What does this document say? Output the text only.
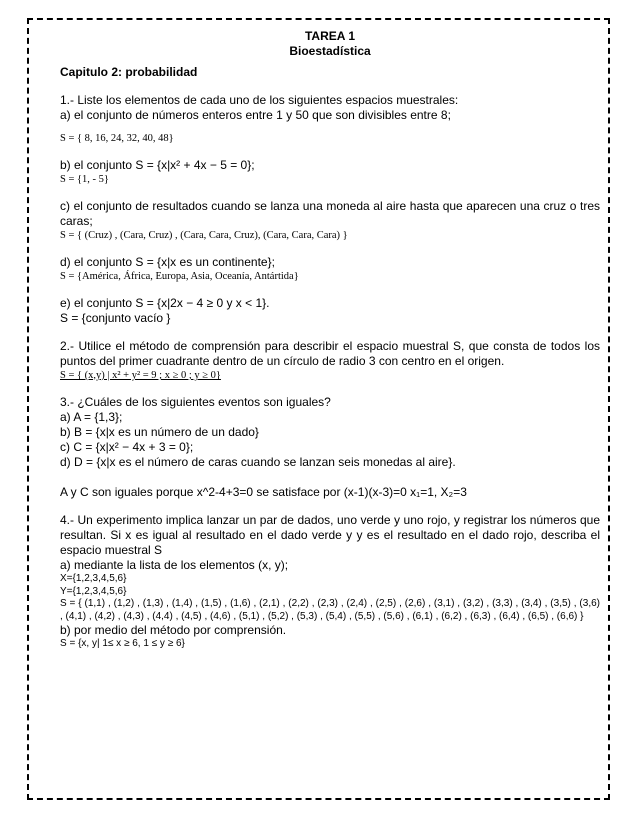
TAREA 1
Bioestadística

Capitulo 2: probabilidad

1.- Liste los elementos de cada uno de los siguientes espacios muestrales:

a) el conjunto de números enteros entre 1 y 50 que son divisibles entre 8;

S = { 8, 16, 24, 32, 40, 48}

b) el conjunto S = {x|x² + 4x − 5 = 0};

S = {1, - 5}

c) el conjunto de resultados cuando se lanza una moneda al aire hasta que aparecen una cruz o tres caras;

S = { (Cruz) , (Cara, Cruz) , (Cara, Cara, Cruz), (Cara, Cara, Cara) }

d) el conjunto S = {x|x es un continente};

S = {América, África, Europa, Asia, Oceanía, Antártida}

e) el conjunto S = {x|2x − 4 ≥ 0 y x < 1}.

S = {conjunto vacío }

2.- Utilice el método de comprensión para describir el espacio muestral S, que consta de todos los puntos del primer cuadrante dentro de un círculo de radio 3 con centro en el origen.

S = { (x,y) | x² + y² = 9 ; x ≥ 0 ; y ≥ 0}

3.- ¿Cuáles de los siguientes eventos son iguales?

a) A = {1,3};

b) B = {x|x es un número de un dado}

c) C = {x|x² − 4x + 3 = 0};

d) D = {x|x es el número de caras cuando se lanzan seis monedas al aire}.

A y C son iguales porque x^2-4+3=0 se satisface por (x-1)(x-3)=0 x₁=1, X₂=3

4.- Un experimento implica lanzar un par de dados, uno verde y uno rojo, y registrar los números que resultan. Si x es igual al resultado en el dado verde y y es el resultado en el dado rojo, describa el espacio muestral S

a) mediante la lista de los elementos (x, y);

X={1,2,3,4,5,6}

Y={1,2,3,4,5,6}

S = { (1,1) , (1,2) , (1,3) , (1,4) , (1,5) , (1,6) , (2,1) , (2,2) , (2,3) , (2,4) , (2,5) , (2,6) , (3,1) , (3,2) , (3,3) , (3,4) , (3,5) , (3,6) , (4,1) , (4,2) , (4,3) , (4,4) , (4,5) , (4,6) , (5,1) , (5,2) , (5,3) , (5,4) , (5,5) , (5,6) , (6,1) , (6,2) , (6,3) , (6,4) , (6,5) , (6,6) }

b) por medio del método por comprensión.

S = {x, y| 1≤ x ≥ 6, 1 ≤ y ≥ 6}
